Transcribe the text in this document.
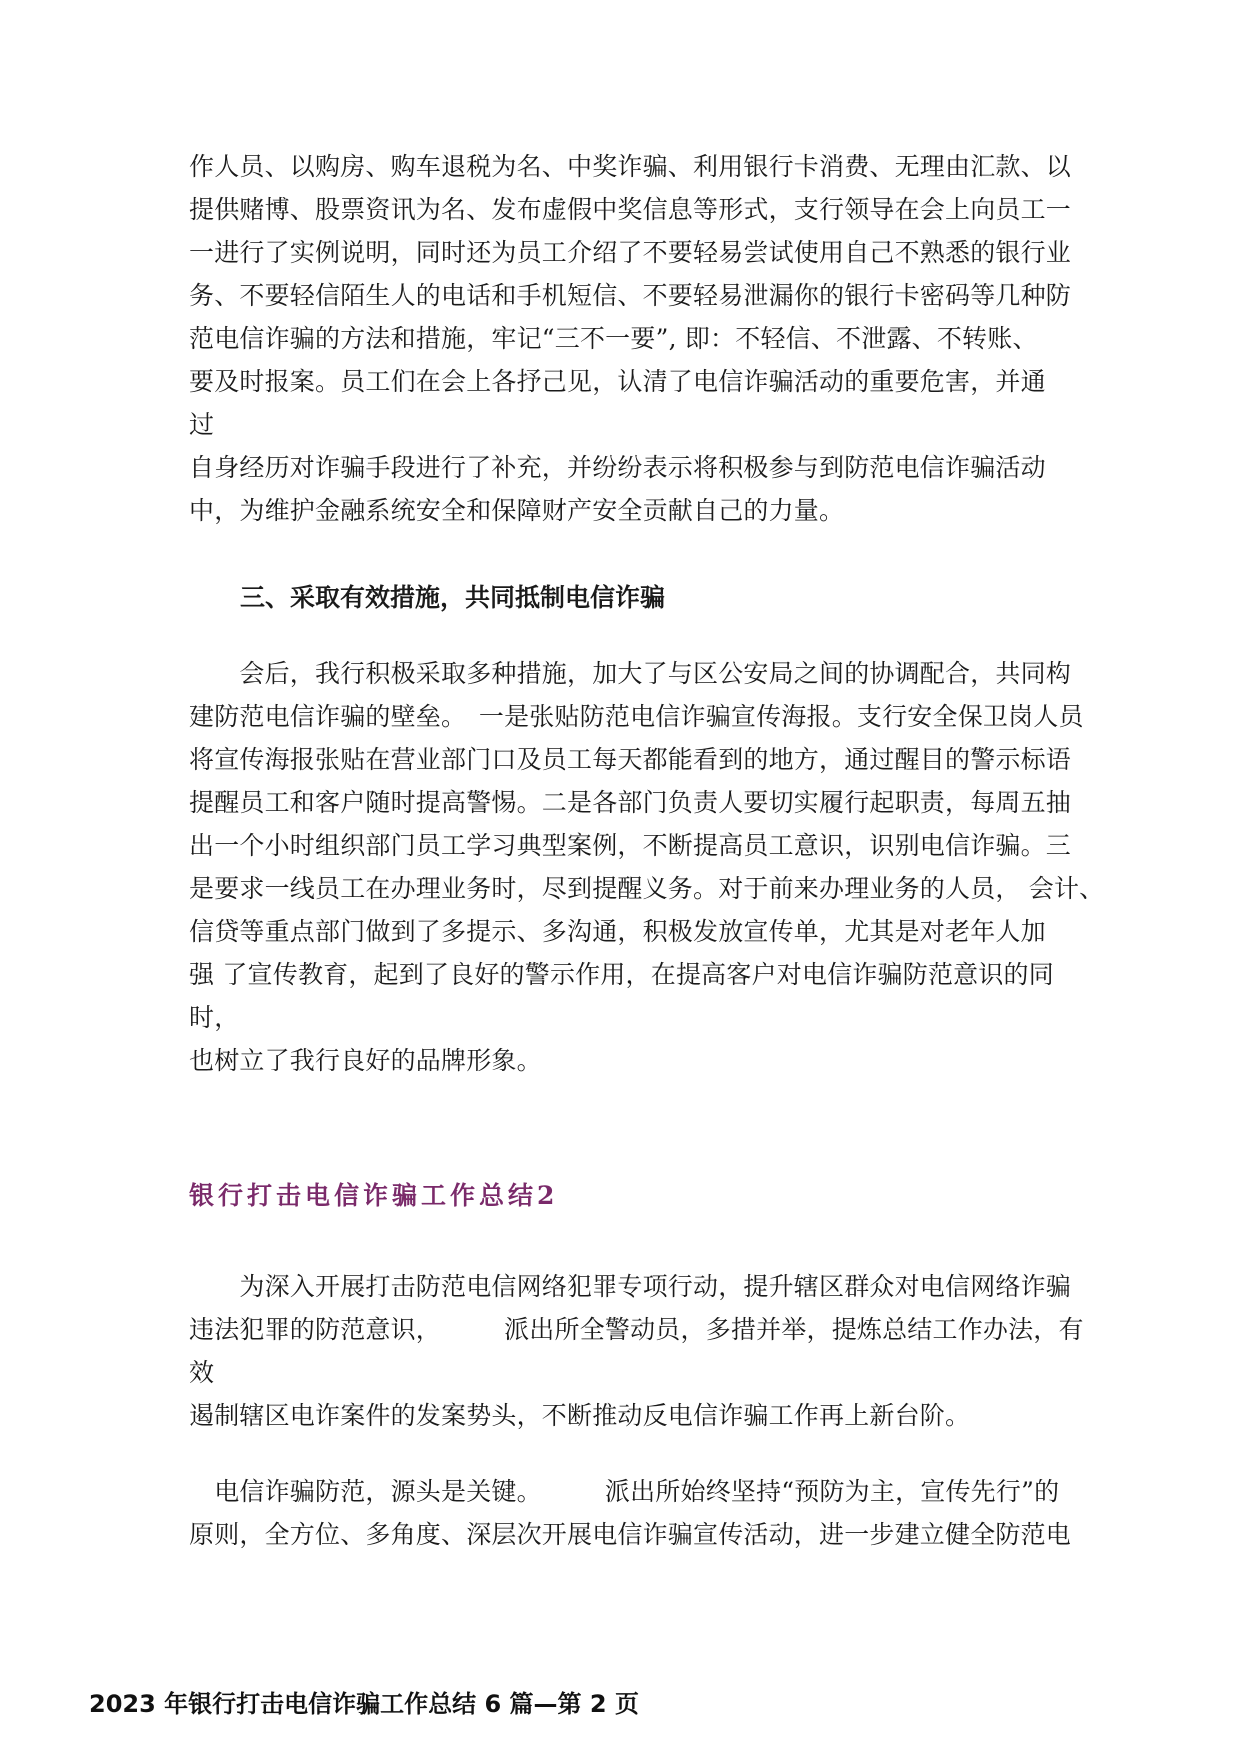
作人员、以购房、购车退税为名、中奖诈骗、利用银行卡消费、无理由汇款、以

提供赌博、股票资讯为名、发布虚假中奖信息等形式，支行领导在会上向员工一

一进行了实例说明，同时还为员工介绍了不要轻易尝试使用自己不熟悉的银行业

务、不要轻信陌生人的电话和手机短信、不要轻易泄漏你的银行卡密码等几种防

范电信诈骗的方法和措施，牢记“三不一要”, 即：不轻信、不泄露、不转账、

要及时报案。员工们在会上各抒己见，认清了电信诈骗活动的重要危害，并通

过

自身经历对诈骗手段进行了补充，并纷纷表示将积极参与到防范电信诈骗活动

中，为维护金融系统安全和保障财产安全贡献自己的力量。

三、采取有效措施，共同抵制电信诈骗

　　会后，我行积极采取多种措施，加大了与区公安局之间的协调配合，共同构

建防范电信诈骗的壁垒。　一是张贴防范电信诈骗宣传海报。支行安全保卫岗人员

将宣传海报张贴在营业部门口及员工每天都能看到的地方，通过醒目的警示标语

提醒员工和客户随时提高警惕。二是各部门负责人要切实履行起职责，每周五抽

出一个小时组织部门员工学习典型案例，不断提高员工意识，识别电信诈骗。三

是要求一线员工在办理业务时，尽到提醒义务。对于前来办理业务的人员， 会计、

信贷等重点部门做到了多提示、多沟通，积极发放宣传单，尤其是对老年人加

强 了宣传教育，起到了良好的警示作用，在提高客户对电信诈骗防范意识的同

时，

也树立了我行良好的品牌形象。

银行打击电信诈骗工作总结2

　　为深入开展打击防范电信网络犯罪专项行动，提升辖区群众对电信网络诈骗

违法犯罪的防范意识，　　　派出所全警动员，多措并举，提炼总结工作办法，有

效

遏制辖区电诈案件的发案势头，不断推动反电信诈骗工作再上新台阶。

　电信诈骗防范，源头是关键。　　　派出所始终坚持“预防为主，宣传先行”的

原则，全方位、多角度、深层次开展电信诈骗宣传活动，进一步建立健全防范电

2023 年银行打击电信诈骗工作总结 6 篇—第 2 页
